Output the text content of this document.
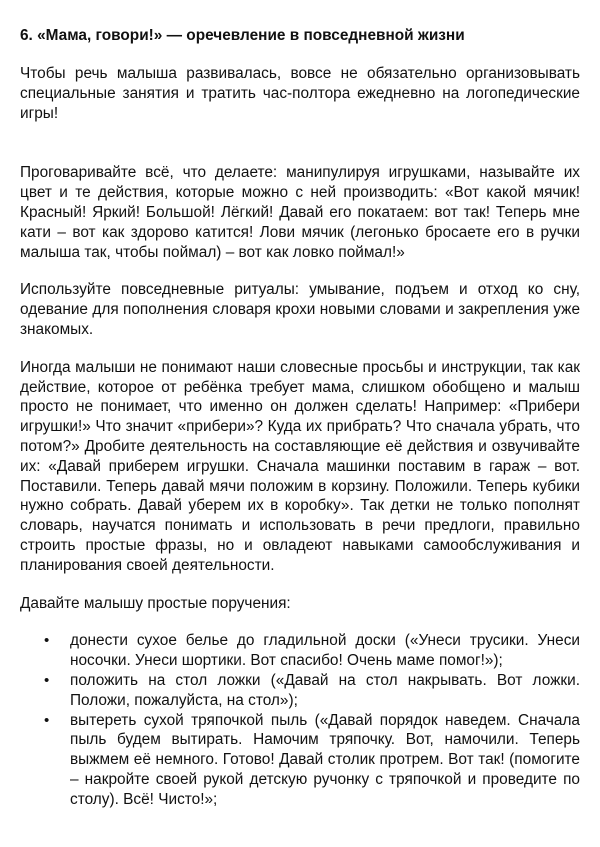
6. «Мама, говори!» — оречевление в повседневной жизни

Чтобы речь малыша развивалась, вовсе не обязательно организовывать специальные занятия и тратить час-полтора ежедневно на логопедические игры!

Проговаривайте всё, что делаете: манипулируя игрушками, называйте их цвет и те действия, которые можно с ней производить: «Вот какой мячик! Красный! Яркий! Большой! Лёгкий! Давай его покатаем: вот так! Теперь мне кати – вот как здорово катится! Лови мячик (легонько бросаете его в ручки малыша так, чтобы поймал) – вот как ловко поймал!»

Используйте повседневные ритуалы: умывание, подъем и отход ко сну, одевание для пополнения словаря крохи новыми словами и закрепления уже знакомых.

Иногда малыши не понимают наши словесные просьбы и инструкции, так как действие, которое от ребёнка требует мама, слишком обобщено и малыш просто не понимает, что именно он должен сделать! Например: «Прибери игрушки!» Что значит «прибери»? Куда их прибрать? Что сначала убрать, что потом?» Дробите деятельность на составляющие её действия и озвучивайте их: «Давай приберем игрушки. Сначала машинки поставим в гараж – вот. Поставили. Теперь давай мячи положим в корзину. Положили. Теперь кубики нужно собрать. Давай уберем их в коробку». Так детки не только пополнят словарь, научатся понимать и использовать в речи предлоги, правильно строить простые фразы, но и овладеют навыками самообслуживания и планирования своей деятельности.

Давайте малышу простые поручения:

• донести сухое белье до гладильной доски («Унеси трусики. Унеси носочки. Унеси шортики. Вот спасибо! Очень маме помог!»);
• положить на стол ложки («Давай на стол накрывать. Вот ложки. Положи, пожалуйста, на стол»);
• вытереть сухой тряпочкой пыль («Давай порядок наведем. Сначала пыль будем вытирать. Намочим тряпочку. Вот, намочили. Теперь выжмем её немного. Готово! Давай столик протрем. Вот так! (помогите – накройте своей рукой детскую ручонку с тряпочкой и проведите по столу). Всё! Чисто!»;
